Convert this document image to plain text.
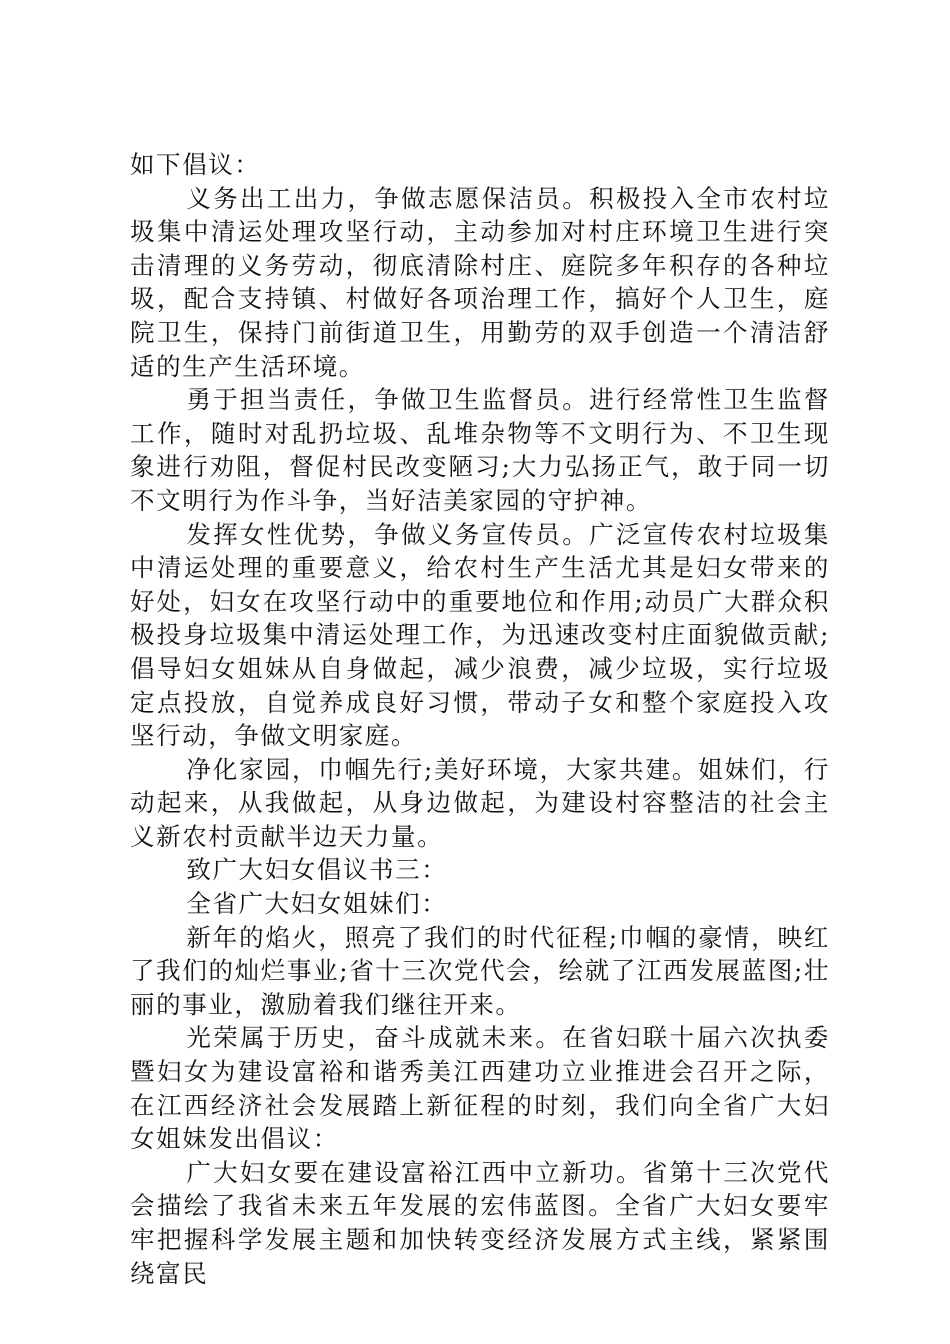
如下倡议：

义务出工出力，争做志愿保洁员。积极投入全市农村垃圾集中清运处理攻坚行动，主动参加对村庄环境卫生进行突击清理的义务劳动，彻底清除村庄、庭院多年积存的各种垃圾，配合支持镇、村做好各项治理工作，搞好个人卫生，庭院卫生，保持门前街道卫生，用勤劳的双手创造一个清洁舒适的生产生活环境。

勇于担当责任，争做卫生监督员。进行经常性卫生监督工作，随时对乱扔垃圾、乱堆杂物等不文明行为、不卫生现象进行劝阻，督促村民改变陋习;大力弘扬正气，敢于同一切不文明行为作斗争，当好洁美家园的守护神。

发挥女性优势，争做义务宣传员。广泛宣传农村垃圾集中清运处理的重要意义，给农村生产生活尤其是妇女带来的好处，妇女在攻坚行动中的重要地位和作用;动员广大群众积极投身垃圾集中清运处理工作，为迅速改变村庄面貌做贡献;倡导妇女姐妹从自身做起，减少浪费，减少垃圾，实行垃圾定点投放，自觉养成良好习惯，带动子女和整个家庭投入攻坚行动，争做文明家庭。

净化家园，巾帼先行;美好环境，大家共建。姐妹们，行动起来，从我做起，从身边做起，为建设村容整洁的社会主义新农村贡献半边天力量。

致广大妇女倡议书三：

全省广大妇女姐妹们：

新年的焰火，照亮了我们的时代征程;巾帼的豪情，映红了我们的灿烂事业;省十三次党代会，绘就了江西发展蓝图;壮丽的事业，激励着我们继往开来。

光荣属于历史，奋斗成就未来。在省妇联十届六次执委暨妇女为建设富裕和谐秀美江西建功立业推进会召开之际，在江西经济社会发展踏上新征程的时刻，我们向全省广大妇女姐妹发出倡议：

广大妇女要在建设富裕江西中立新功。省第十三次党代会描绘了我省未来五年发展的宏伟蓝图。全省广大妇女要牢牢把握科学发展主题和加快转变经济发展方式主线，紧紧围绕富民
